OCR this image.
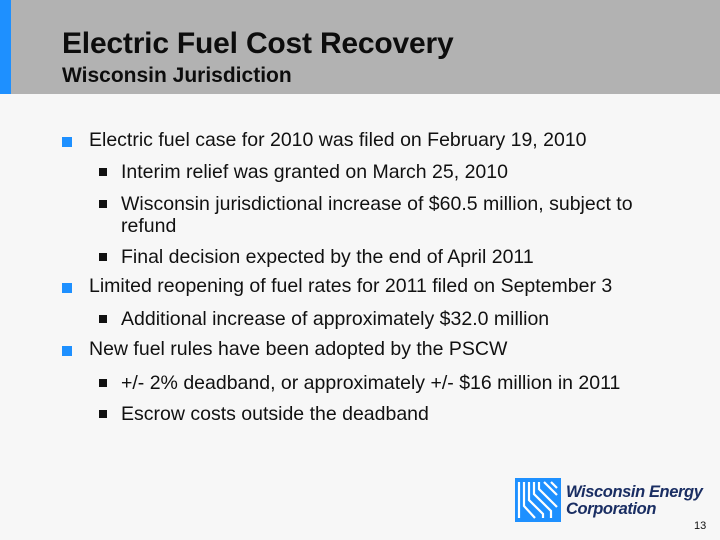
Electric Fuel Cost Recovery
Wisconsin Jurisdiction
Electric fuel case for 2010 was filed on February 19, 2010
Interim relief was granted on March 25, 2010
Wisconsin jurisdictional increase of $60.5 million, subject to refund
Final decision expected by the end of April 2011
Limited reopening of fuel rates for 2011 filed on September 3
Additional increase of approximately $32.0 million
New fuel rules have been adopted by the PSCW
+/- 2% deadband, or approximately +/- $16 million in 2011
Escrow costs outside the deadband
Wisconsin Energy
Corporation
13
